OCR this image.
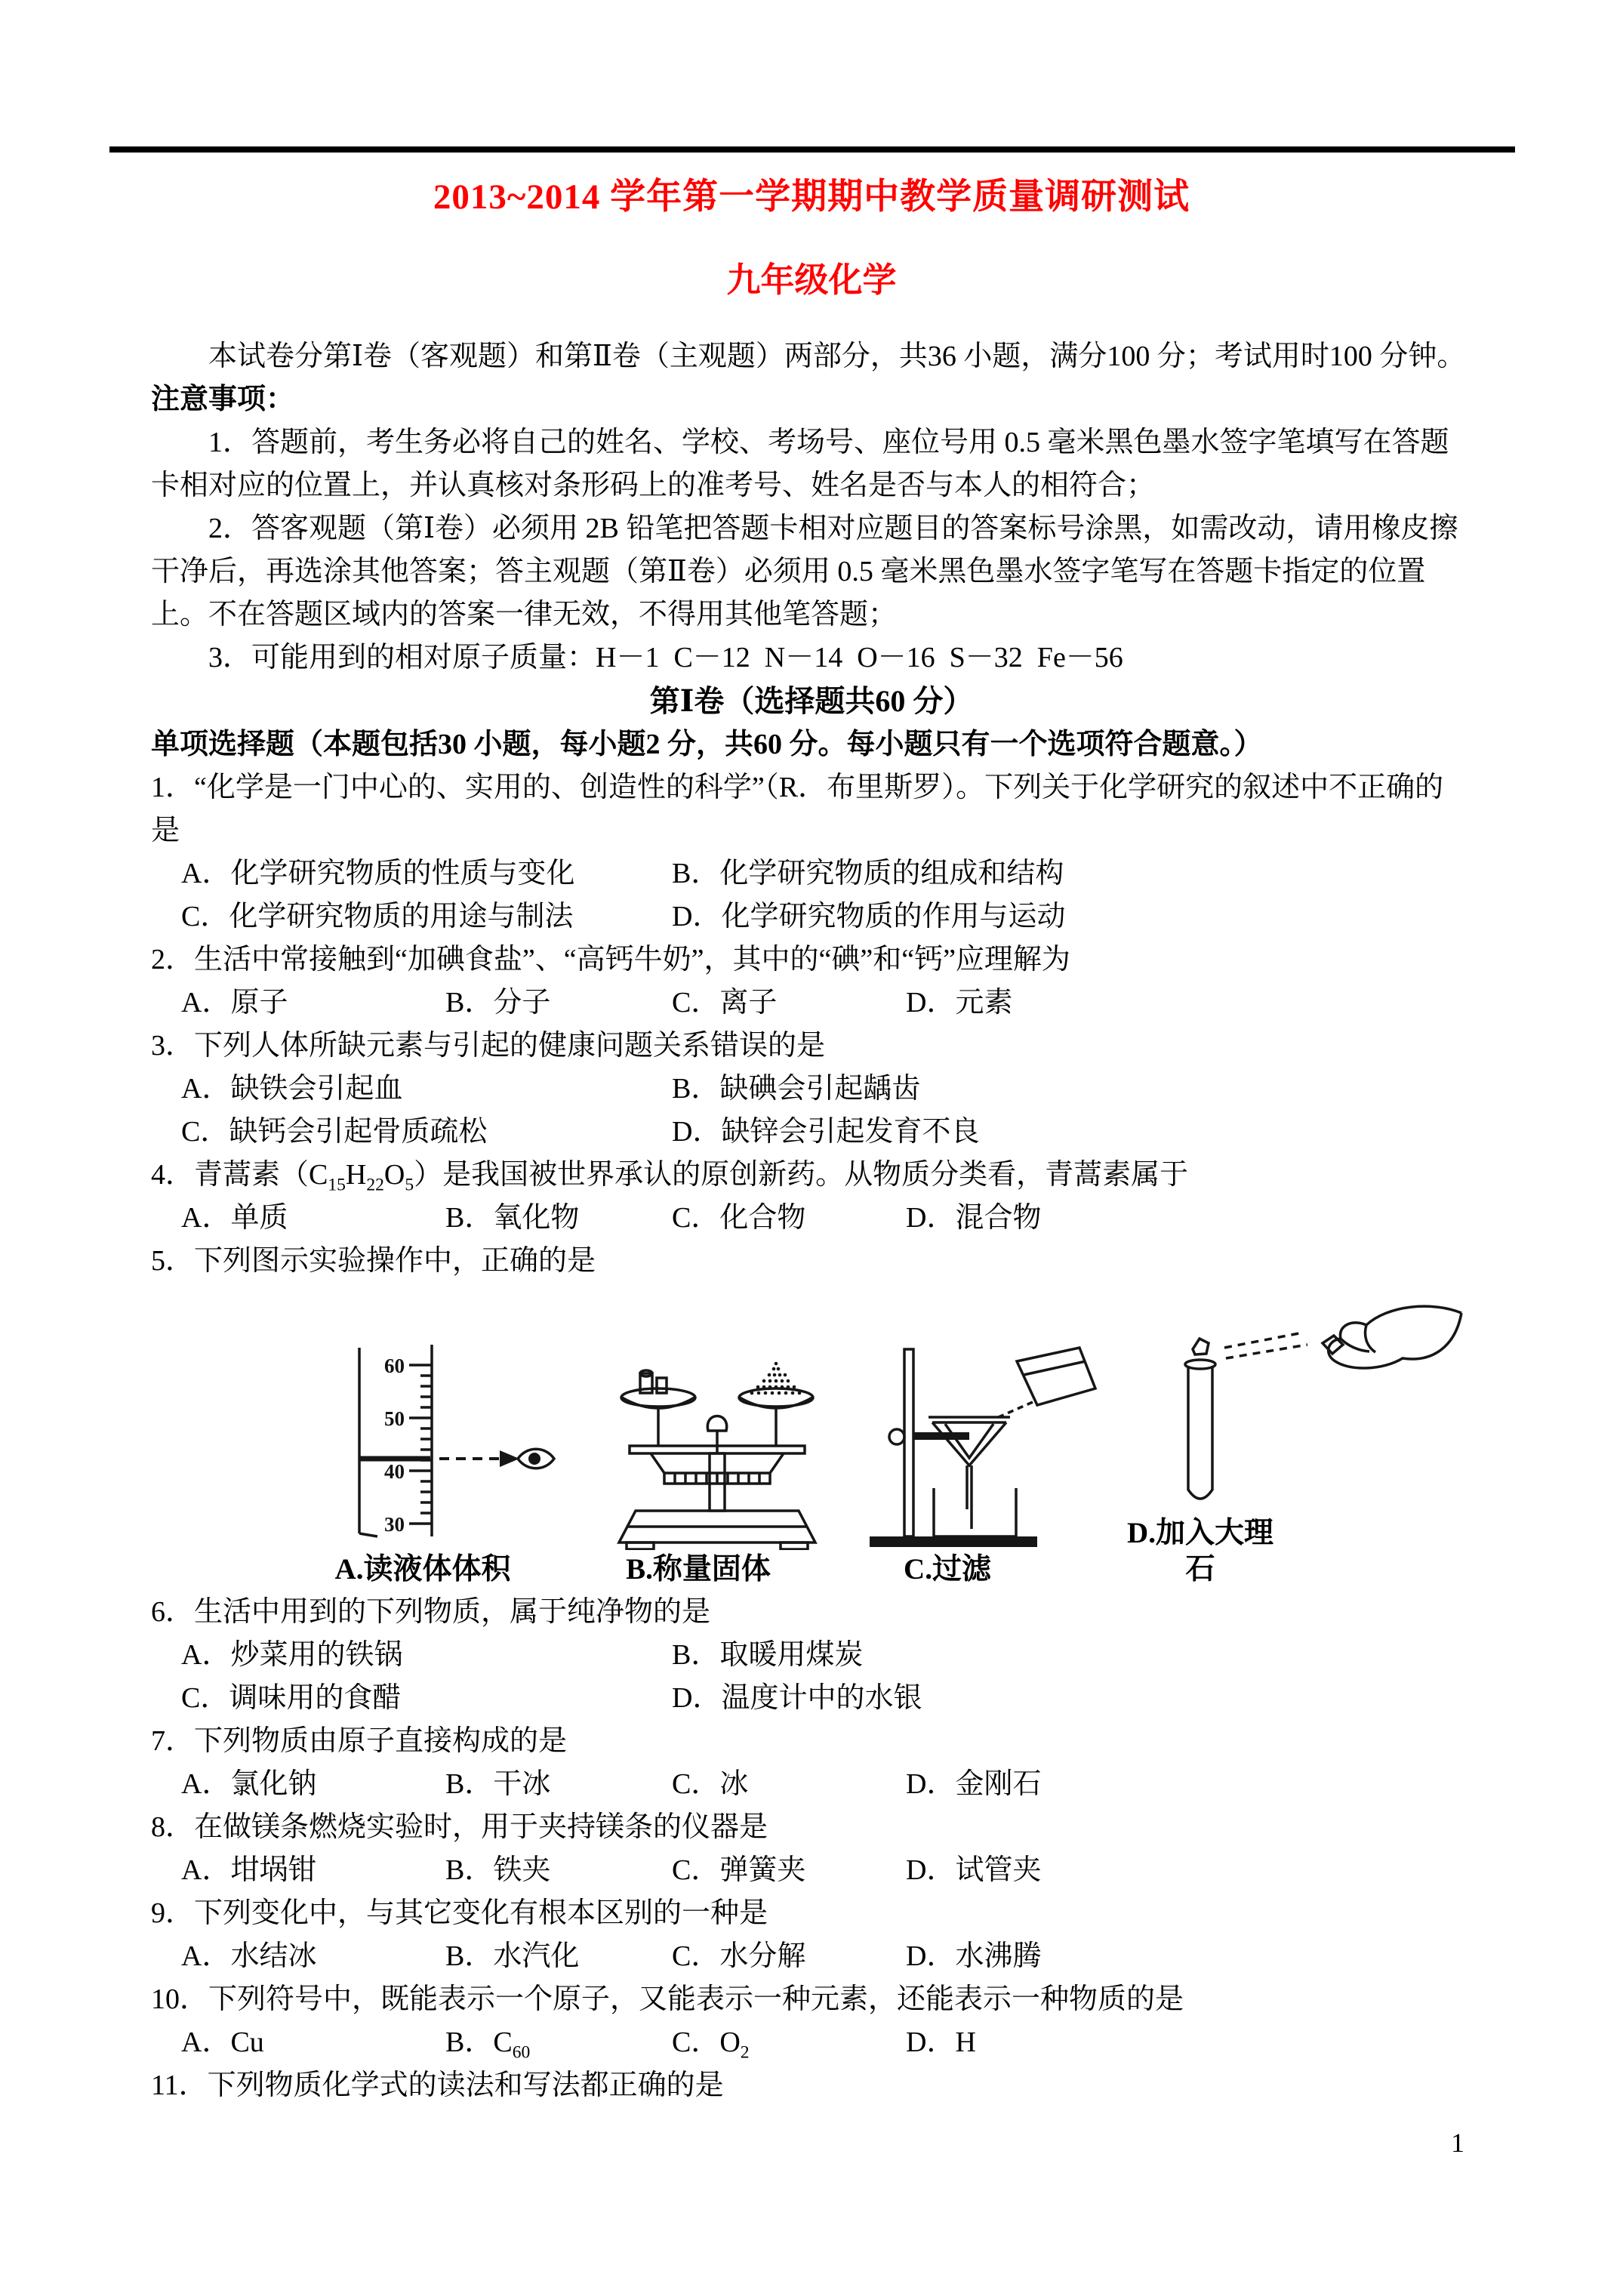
2013~2014 学年第一学期期中教学质量调研测试
九年级化学
本试卷分第Ⅰ卷（客观题）和第Ⅱ卷（主观题）两部分，共36 小题，满分100 分；考试用时100 分钟。
注意事项：
1．答题前，考生务必将自己的姓名、学校、考场号、座位号用 0.5 毫米黑色墨水签字笔填写在答题卡相对应的位置上，并认真核对条形码上的准考号、姓名是否与本人的相符合；
2．答客观题（第Ⅰ卷）必须用 2B 铅笔把答题卡相对应题目的答案标号涂黑，如需改动，请用橡皮擦干净后，再选涂其他答案；答主观题（第Ⅱ卷）必须用 0.5 毫米黑色墨水签字笔写在答题卡指定的位置上。不在答题区域内的答案一律无效，不得用其他笔答题；
3．可能用到的相对原子质量：H－1  C－12  N－14  O－16  S－32  Fe－56
第Ⅰ卷（选择题共60 分）
单项选择题（本题包括30 小题，每小题2 分，共60 分。每小题只有一个选项符合题意。）
1．“化学是一门中心的、实用的、创造性的科学”（R．布里斯罗）。下列关于化学研究的叙述中不正确的是
A．化学研究物质的性质与变化	B．化学研究物质的组成和结构
C．化学研究物质的用途与制法	D．化学研究物质的作用与运动
2．生活中常接触到“加碘食盐”、“高钙牛奶”，其中的“碘”和“钙”应理解为
A．原子	B．分子	C．离子	D．元素
3．下列人体所缺元素与引起的健康问题关系错误的是
A．缺铁会引起血	B．缺碘会引起龋齿
C．缺钙会引起骨质疏松	D．缺锌会引起发育不良
4．青蒿素$(C_{15}H_{22}O_5)$是我国被世界承认的原创新药。从物质分类看，青蒿素属于
A．单质	B．氧化物	C．化合物	D．混合物
5．下列图示实验操作中，正确的是
60
50
40
30
A.读液体体积	B.称量固体	C.过滤
D.加入大理石
6．生活中用到的下列物质，属于纯净物的是
A．炒菜用的铁锅	B．取暖用煤炭
C．调味用的食醋	D．温度计中的水银
7．下列物质由原子直接构成的是
A．氯化钠	B．干冰	C．冰	D．金刚石
8．在做镁条燃烧实验时，用于夹持镁条的仪器是
A．坩埚钳	B．铁夹	C．弹簧夹	D．试管夹
9．下列变化中，与其它变化有根本区别的一种是
A．水结冰	B．水汽化	C．水分解	D．水沸腾
10．下列符号中，既能表示一个原子，又能表示一种元素，还能表示一种物质的是
A．Cu	B．$C_{60}$	C．$O_2$	D．H
11．下列物质化学式的读法和写法都正确的是
1
